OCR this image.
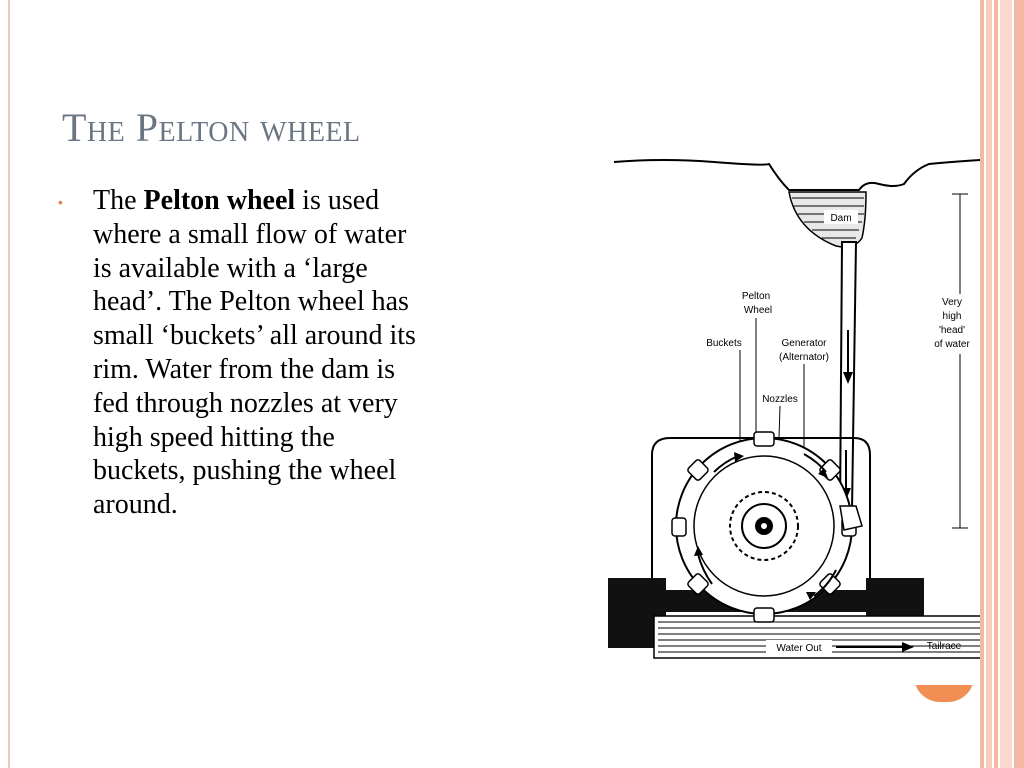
The Pelton wheel
• The Pelton wheel is used where a small flow of water is available with a ‘large head’. The Pelton wheel has small ‘buckets’ all around its rim. Water from the dam is fed through nozzles at very high speed hitting the buckets, pushing the wheel around.

Dam
Very
high
'head'
of water
Pelton
Wheel
Buckets	Generator
(Alternator)
Nozzles
Water Out	Tailrace
